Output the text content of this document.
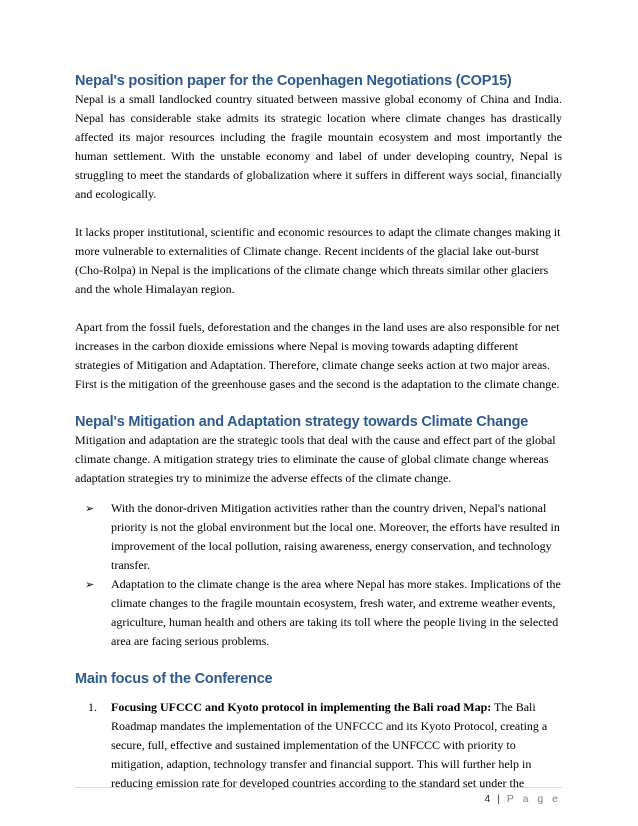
Nepal's position paper for the Copenhagen Negotiations (COP15)

Nepal is a small landlocked country situated between massive global economy of China and India. Nepal has considerable stake admits its strategic location where climate changes has drastically affected its major resources including the fragile mountain ecosystem and most importantly the human settlement. With the unstable economy and label of under developing country, Nepal is struggling to meet the standards of globalization where it suffers in different ways social, financially and ecologically.

It lacks proper institutional, scientific and economic resources to adapt the climate changes making it more vulnerable to externalities of Climate change. Recent incidents of the glacial lake out-burst (Cho-Rolpa) in Nepal is the implications of the climate change which threats similar other glaciers and the whole Himalayan region.

Apart from the fossil fuels, deforestation and the changes in the land uses are also responsible for net increases in the carbon dioxide emissions where Nepal is moving towards adapting different strategies of Mitigation and Adaptation. Therefore, climate change seeks action at two major areas. First is the mitigation of the greenhouse gases and the second is the adaptation to the climate change.

Nepal's Mitigation and Adaptation strategy towards Climate Change

Mitigation and adaptation are the strategic tools that deal with the cause and effect part of the global climate change. A mitigation strategy tries to eliminate the cause of global climate change whereas adaptation strategies try to minimize the adverse effects of the climate change.

➢ With the donor-driven Mitigation activities rather than the country driven, Nepal's national priority is not the global environment but the local one. Moreover, the efforts have resulted in improvement of the local pollution, raising awareness, energy conservation, and technology transfer.
➢ Adaptation to the climate change is the area where Nepal has more stakes. Implications of the climate changes to the fragile mountain ecosystem, fresh water, and extreme weather events, agriculture, human health and others are taking its toll where the people living in the selected area are facing serious problems.
Main focus of the Conference
1. Focusing UFCCC and Kyoto protocol in implementing the Bali road Map: The Bali Roadmap mandates the implementation of the UNFCCC and its Kyoto Protocol, creating a secure, full, effective and sustained implementation of the UNFCCC with priority to mitigation, adaption, technology transfer and financial support. This will further help in reducing emission rate for developed countries according to the standard set under the
4 | P a g e
